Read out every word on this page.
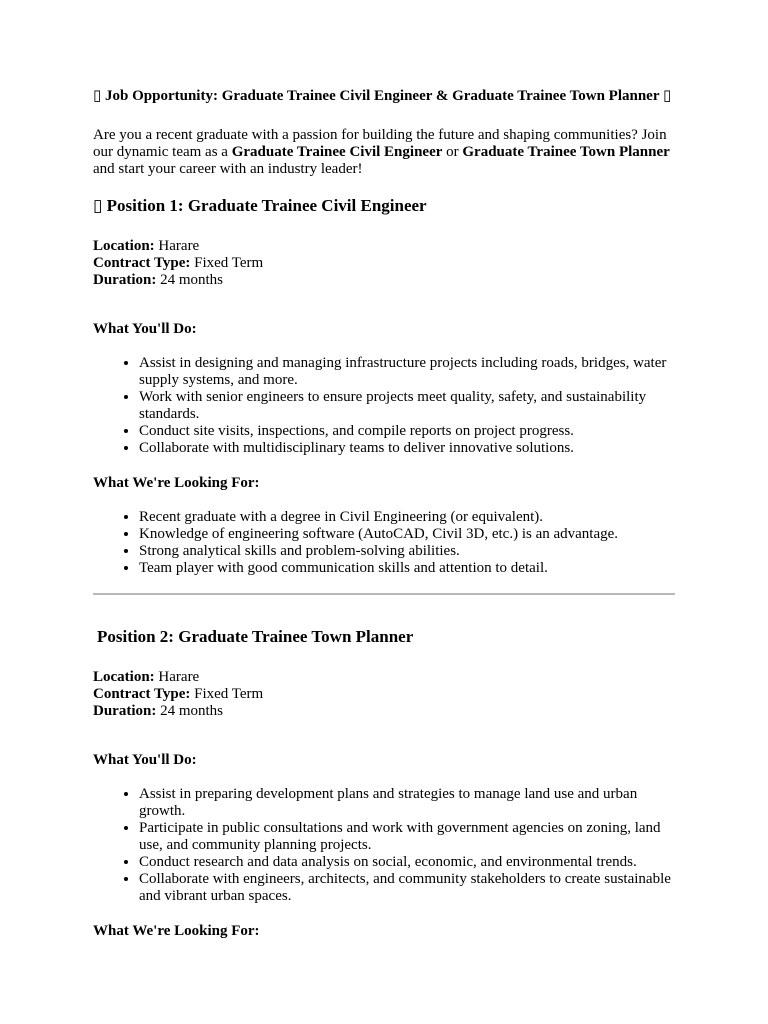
▯ Job Opportunity: Graduate Trainee Civil Engineer & Graduate Trainee Town Planner ▯

Are you a recent graduate with a passion for building the future and shaping communities? Join our dynamic team as a Graduate Trainee Civil Engineer or Graduate Trainee Town Planner and start your career with an industry leader!

▯ Position 1: Graduate Trainee Civil Engineer
Location: Harare
Contract Type: Fixed Term
Duration: 24 months
What You'll Do:
• Assist in designing and managing infrastructure projects including roads, bridges, water supply systems, and more.
• Work with senior engineers to ensure projects meet quality, safety, and sustainability standards.
• Conduct site visits, inspections, and compile reports on project progress.
• Collaborate with multidisciplinary teams to deliver innovative solutions.
What We're Looking For:
• Recent graduate with a degree in Civil Engineering (or equivalent).
• Knowledge of engineering software (AutoCAD, Civil 3D, etc.) is an advantage.
• Strong analytical skills and problem-solving abilities.
• Team player with good communication skills and attention to detail.
Position 2: Graduate Trainee Town Planner
Location: Harare
Contract Type: Fixed Term
Duration: 24 months
What You'll Do:
• Assist in preparing development plans and strategies to manage land use and urban growth.
• Participate in public consultations and work with government agencies on zoning, land use, and community planning projects.
• Conduct research and data analysis on social, economic, and environmental trends.
• Collaborate with engineers, architects, and community stakeholders to create sustainable and vibrant urban spaces.
What We're Looking For:
